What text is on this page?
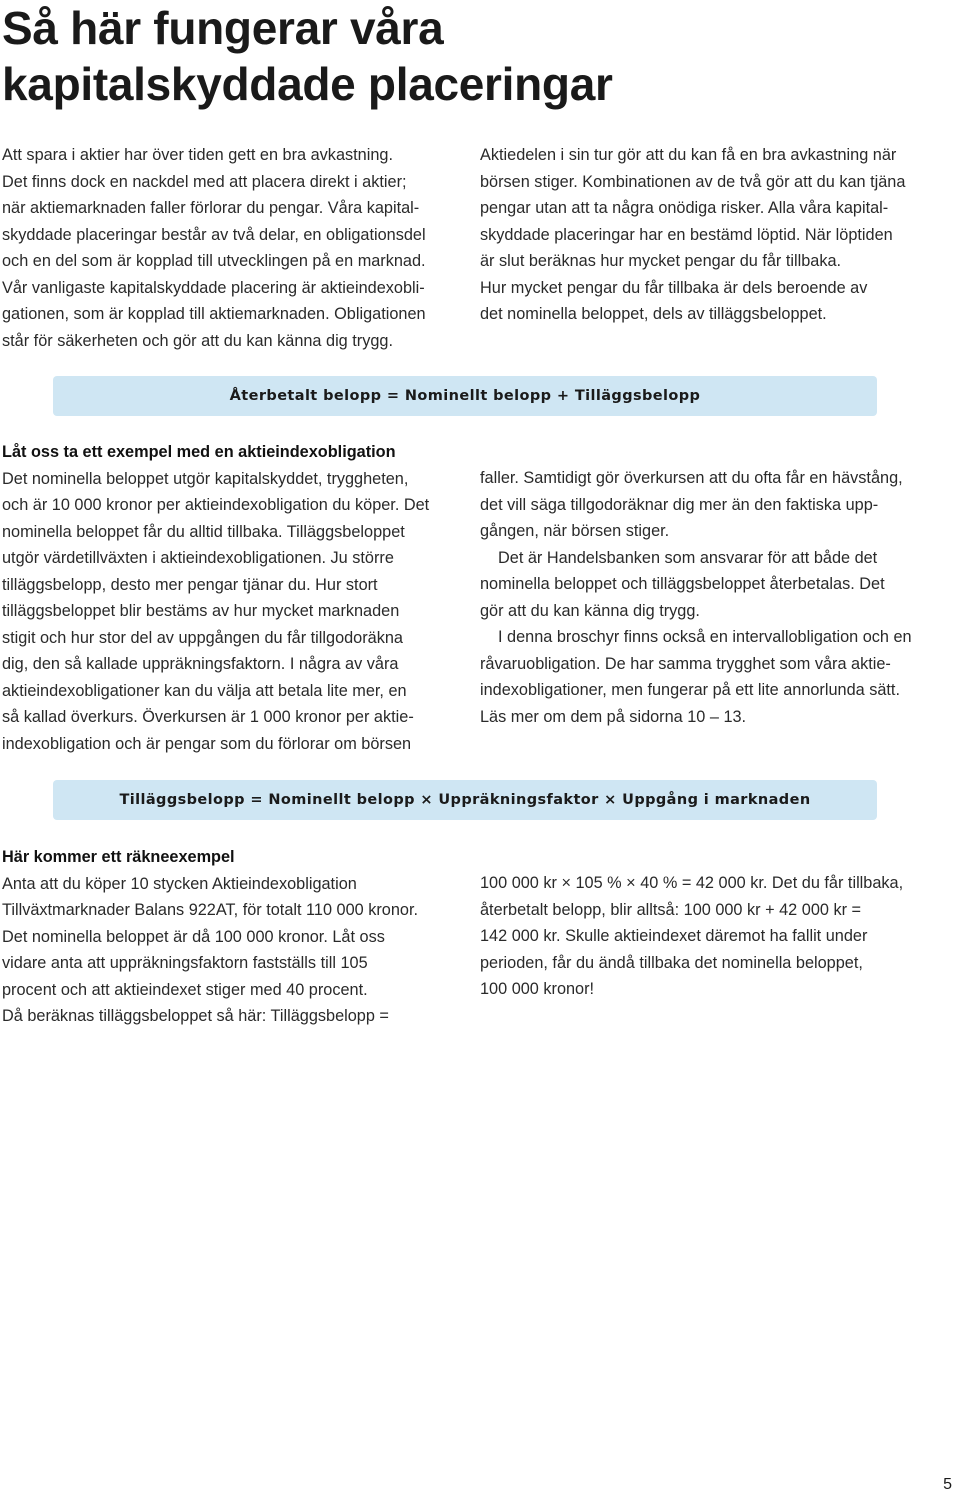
Så här fungerar våra
kapitalskyddade placeringar

Att spara i aktier har över tiden gett en bra avkastning.

Det finns dock en nackdel med att placera direkt i aktier;

när aktiemarknaden faller förlorar du pengar. Våra kapital-

skyddade placeringar består av två delar, en obligationsdel

och en del som är kopplad till utvecklingen på en marknad.

Vår vanligaste kapitalskyddade placering är aktieindexobli-

gationen, som är kopplad till aktiemarknaden. Obligationen

står för säkerheten och gör att du kan känna dig trygg.

Aktiedelen i sin tur gör att du kan få en bra avkastning när

börsen stiger. Kombinationen av de två gör att du kan tjäna

pengar utan att ta några onödiga risker. Alla våra kapital-

skyddade placeringar har en bestämd löptid. När löptiden

är slut beräknas hur mycket pengar du får tillbaka.

Hur mycket pengar du får tillbaka är dels beroende av

det nominella beloppet, dels av tilläggsbeloppet.

Återbetalt belopp = Nominellt belopp + Tilläggsbelopp

Låt oss ta ett exempel med en aktieindexobligation

Det nominella beloppet utgör kapitalskyddet, tryggheten,

och är 10 000 kronor per aktieindexobligation du köper. Det

nominella beloppet får du alltid tillbaka. Tilläggsbeloppet

utgör värdetillväxten i aktieindexobligationen. Ju större

tilläggsbelopp, desto mer pengar tjänar du. Hur stort

tilläggsbeloppet blir bestäms av hur mycket marknaden

stigit och hur stor del av uppgången du får tillgodoräkna

dig, den så kallade uppräkningsfaktorn. I några av våra

aktieindexobligationer kan du välja att betala lite mer, en

så kallad överkurs. Överkursen är 1 000 kronor per aktie-

indexobligation och är pengar som du förlorar om börsen

faller. Samtidigt gör överkursen att du ofta får en hävstång,

det vill säga tillgodoräknar dig mer än den faktiska upp-

gången, när börsen stiger.

Det är Handelsbanken som ansvarar för att både det

nominella beloppet och tilläggsbeloppet återbetalas. Det

gör att du kan känna dig trygg.

I denna broschyr finns också en intervallobligation och en

råvaruobligation. De har samma trygghet som våra aktie-

indexobligationer, men fungerar på ett lite annorlunda sätt.

Läs mer om dem på sidorna 10 – 13.

Tilläggsbelopp = Nominellt belopp × Uppräkningsfaktor × Uppgång i marknaden

Här kommer ett räkneexempel

Anta att du köper 10 stycken Aktieindexobligation

Tillväxtmarknader Balans 922AT, för totalt 110 000 kronor.

Det nominella beloppet är då 100 000 kronor. Låt oss

vidare anta att uppräkningsfaktorn fastställs till 105

procent och att aktieindexet stiger med 40 procent.

Då beräknas tilläggsbeloppet så här: Tilläggsbelopp =

100 000 kr × 105 % × 40 % = 42 000 kr. Det du får tillbaka,

återbetalt belopp, blir alltså: 100 000 kr + 42 000 kr =

142 000 kr. Skulle aktieindexet däremot ha fallit under

perioden, får du ändå tillbaka det nominella beloppet,

100 000 kronor!

5
